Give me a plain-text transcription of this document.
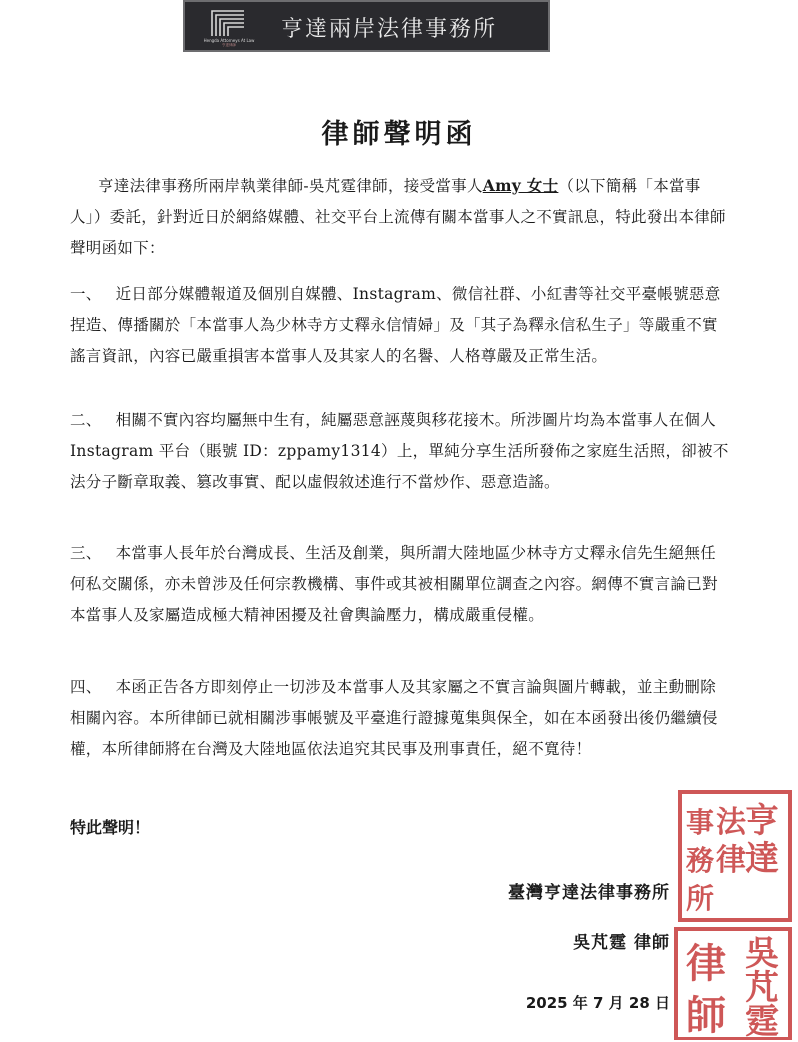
Hengda Attorneys At Law
亨達律師
亨達兩岸法律事務所
律師聲明函
亨達法律事務所兩岸執業律師-吳芃霆律師，接受當事人Amy 女士（以下簡稱「本當事人」）委託，針對近日於網絡媒體、社交平台上流傳有關本當事人之不實訊息，特此發出本律師聲明函如下：
一、 近日部分媒體報道及個別自媒體、Instagram、微信社群、小紅書等社交平臺帳號惡意捏造、傳播關於「本當事人為少林寺方丈釋永信情婦」及「其子為釋永信私生子」等嚴重不實謠言資訊，內容已嚴重損害本當事人及其家人的名譽、人格尊嚴及正常生活。
二、 相關不實內容均屬無中生有，純屬惡意誣蔑與移花接木。所涉圖片均為本當事人在個人 Instagram 平台（賬號 ID：zppamy1314）上，單純分享生活所發佈之家庭生活照，卻被不法分子斷章取義、篡改事實、配以虛假敘述進行不當炒作、惡意造謠。
三、 本當事人長年於台灣成長、生活及創業，與所謂大陸地區少林寺方丈釋永信先生絕無任何私交關係，亦未曾涉及任何宗教機構、事件或其被相關單位調查之內容。網傳不實言論已對本當事人及家屬造成極大精神困擾及社會輿論壓力，構成嚴重侵權。
四、 本函正告各方即刻停止一切涉及本當事人及其家屬之不實言論與圖片轉載，並主動刪除相關內容。本所律師已就相關涉事帳號及平臺進行證據蒐集與保全，如在本函發出後仍繼續侵權，本所律師將在台灣及大陸地區依法追究其民事及刑事責任，絕不寬待！
特此聲明！
臺灣亨達法律事務所
吳芃霆 律師
2025 年 7 月 28 日
亨
達
法
律
事
務
所
吳
芃
霆
律
師
